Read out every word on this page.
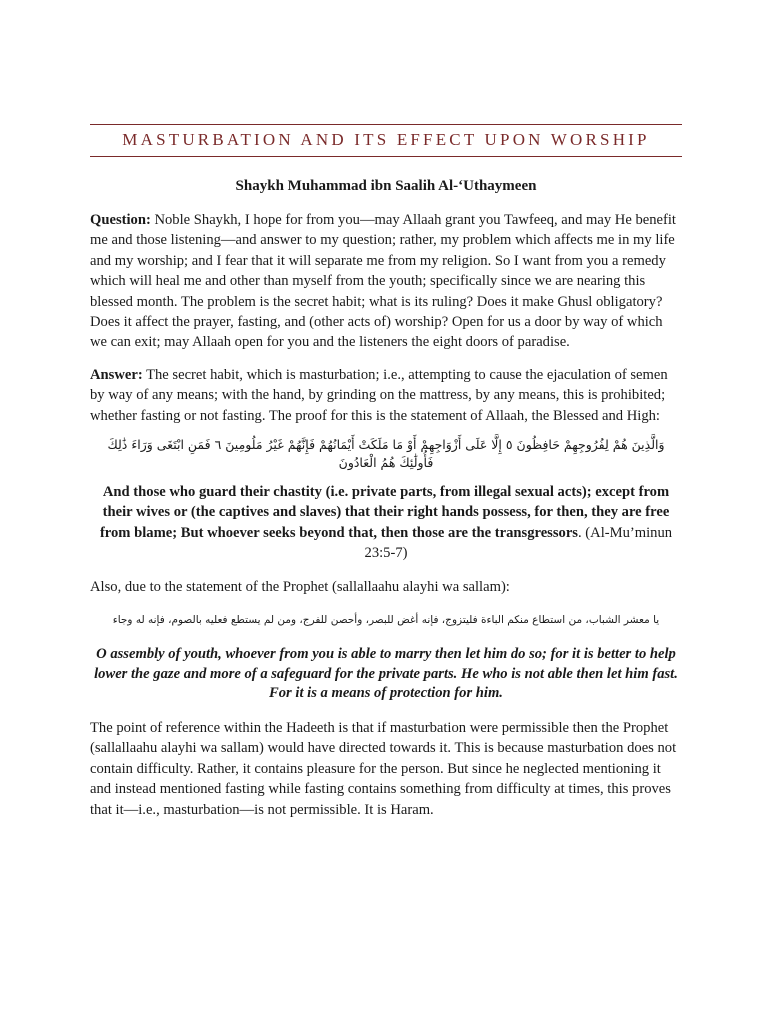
MASTURBATION AND ITS EFFECT UPON WORSHIP
Shaykh Muhammad ibn Saalih Al-‘Uthaymeen

Question: Noble Shaykh, I hope for from you—may Allaah grant you Tawfeeq, and may He benefit me and those listening—and answer to my question; rather, my problem which affects me in my life and my worship; and I fear that it will separate me from my religion. So I want from you a remedy which will heal me and other than myself from the youth; specifically since we are nearing this blessed month. The problem is the secret habit; what is its ruling? Does it make Ghusl obligatory? Does it affect the prayer, fasting, and (other acts of) worship? Open for us a door by way of which we can exit; may Allaah open for you and the listeners the eight doors of paradise.

Answer: The secret habit, which is masturbation; i.e., attempting to cause the ejaculation of semen by way of any means; with the hand, by grinding on the mattress, by any means, this is prohibited; whether fasting or not fasting. The proof for this is the statement of Allaah, the Blessed and High:

وَالَّذِينَ هُمْ لِفُرُوجِهِمْ حَافِظُونَ ٥ إِلَّا عَلَى أَزْوَاجِهِمْ أَوْ مَا مَلَكَتْ أَيْمَانُهُمْ فَإِنَّهُمْ غَيْرُ مَلُومِينَ ٦ فَمَنِ ابْتَغَى وَرَاءَ ذَٰلِكَ فَأُولَٰئِكَ هُمُ الْعَادُونَ

And those who guard their chastity (i.e. private parts, from illegal sexual acts); except from their wives or (the captives and slaves) that their right hands possess, for then, they are free from blame; But whoever seeks beyond that, then those are the transgressors. (Al-Mu’minun 23:5-7)

Also, due to the statement of the Prophet (sallallaahu alayhi wa sallam):

يا معشر الشباب، من استطاع منكم الباءة فليتزوج، فإنه أغض للبصر، وأحصن للفرج، ومن لم يستطع فعليه بالصوم، فإنه له وجاء

O assembly of youth, whoever from you is able to marry then let him do so; for it is better to help lower the gaze and more of a safeguard for the private parts. He who is not able then let him fast. For it is a means of protection for him.

The point of reference within the Hadeeth is that if masturbation were permissible then the Prophet (sallallaahu alayhi wa sallam) would have directed towards it. This is because masturbation does not contain difficulty. Rather, it contains pleasure for the person. But since he neglected mentioning it and instead mentioned fasting while fasting contains something from difficulty at times, this proves that it—i.e., masturbation—is not permissible. It is Haram.
